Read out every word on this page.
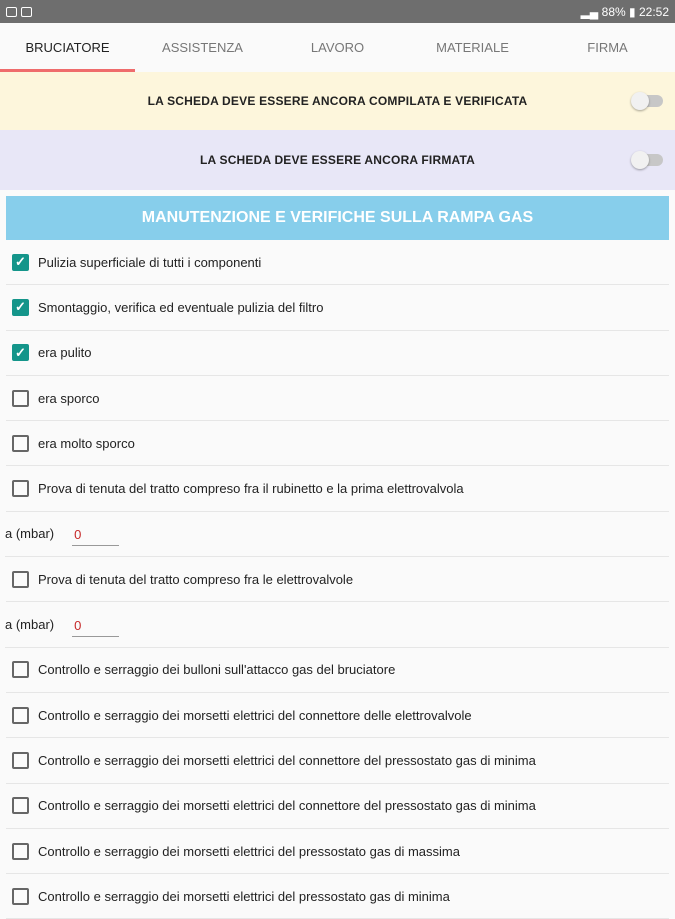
▂▄ 88% ▮ 22:52
BRUCIATORE	ASSISTENZA	LAVORO	MATERIALE	FIRMA
LA SCHEDA DEVE ESSERE ANCORA COMPILATA E VERIFICATA
LA SCHEDA DEVE ESSERE ANCORA FIRMATA
MANUTENZIONE E VERIFICHE SULLA RAMPA GAS
✓ Pulizia superficiale di tutti i componenti
✓ Smontaggio, verifica ed eventuale pulizia del filtro
✓ era pulito
era sporco
era molto sporco
Prova di tenuta del tratto compreso fra il rubinetto e la prima elettrovalvola
a (mbar) 0
Prova di tenuta del tratto compreso fra le elettrovalvole
a (mbar) 0
Controllo e serraggio dei bulloni sull'attacco gas del bruciatore
Controllo e serraggio dei morsetti elettrici del connettore delle elettrovalvole
Controllo e serraggio dei morsetti elettrici del connettore del pressostato gas di minima
Controllo e serraggio dei morsetti elettrici del connettore del pressostato gas di minima
Controllo e serraggio dei morsetti elettrici del pressostato gas di massima
Controllo e serraggio dei morsetti elettrici del pressostato gas di minima
